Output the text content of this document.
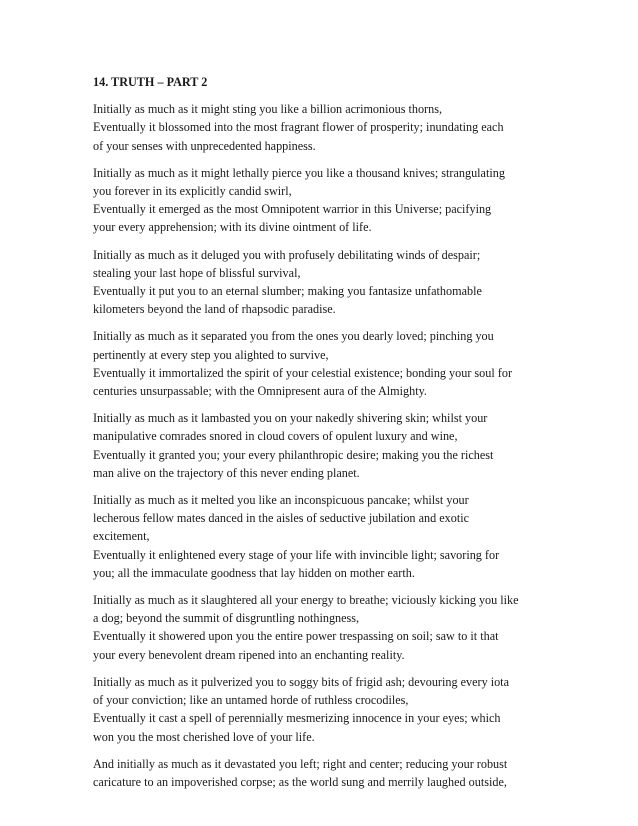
14. TRUTH – PART 2
Initially as much as it might sting you like a billion acrimonious thorns,
Eventually it blossomed into the most fragrant flower of prosperity; inundating each
of your senses with unprecedented happiness.
Initially as much as it might lethally pierce you like a thousand knives; strangulating
you forever in its explicitly candid swirl,
Eventually it emerged as the most Omnipotent warrior in this Universe; pacifying
your every apprehension; with its divine ointment of life.
Initially as much as it deluged you with profusely debilitating winds of despair;
stealing your last hope of blissful survival,
Eventually it put you to an eternal slumber; making you fantasize unfathomable
kilometers beyond the land of rhapsodic paradise.
Initially as much as it separated you from the ones you dearly loved; pinching you
pertinently at every step you alighted to survive,
Eventually it immortalized the spirit of your celestial existence; bonding your soul for
centuries unsurpassable; with the Omnipresent aura of the Almighty.
Initially as much as it lambasted you on your nakedly shivering skin; whilst your
manipulative comrades snored in cloud covers of opulent luxury and wine,
Eventually it granted you; your every philanthropic desire; making you the richest
man alive on the trajectory of this never ending planet.
Initially as much as it melted you like an inconspicuous pancake; whilst your
lecherous fellow mates danced in the aisles of seductive jubilation and exotic
excitement,
Eventually it enlightened every stage of your life with invincible light; savoring for
you; all the immaculate goodness that lay hidden on mother earth.
Initially as much as it slaughtered all your energy to breathe; viciously kicking you like
a dog; beyond the summit of disgruntling nothingness,
Eventually it showered upon you the entire power trespassing on soil; saw to it that
your every benevolent dream ripened into an enchanting reality.
Initially as much as it pulverized you to soggy bits of frigid ash; devouring every iota
of your conviction; like an untamed horde of ruthless crocodiles,
Eventually it cast a spell of perennially mesmerizing innocence in your eyes; which
won you the most cherished love of your life.
And initially as much as it devastated you left; right and center; reducing your robust
caricature to an impoverished corpse; as the world sung and merrily laughed outside,
